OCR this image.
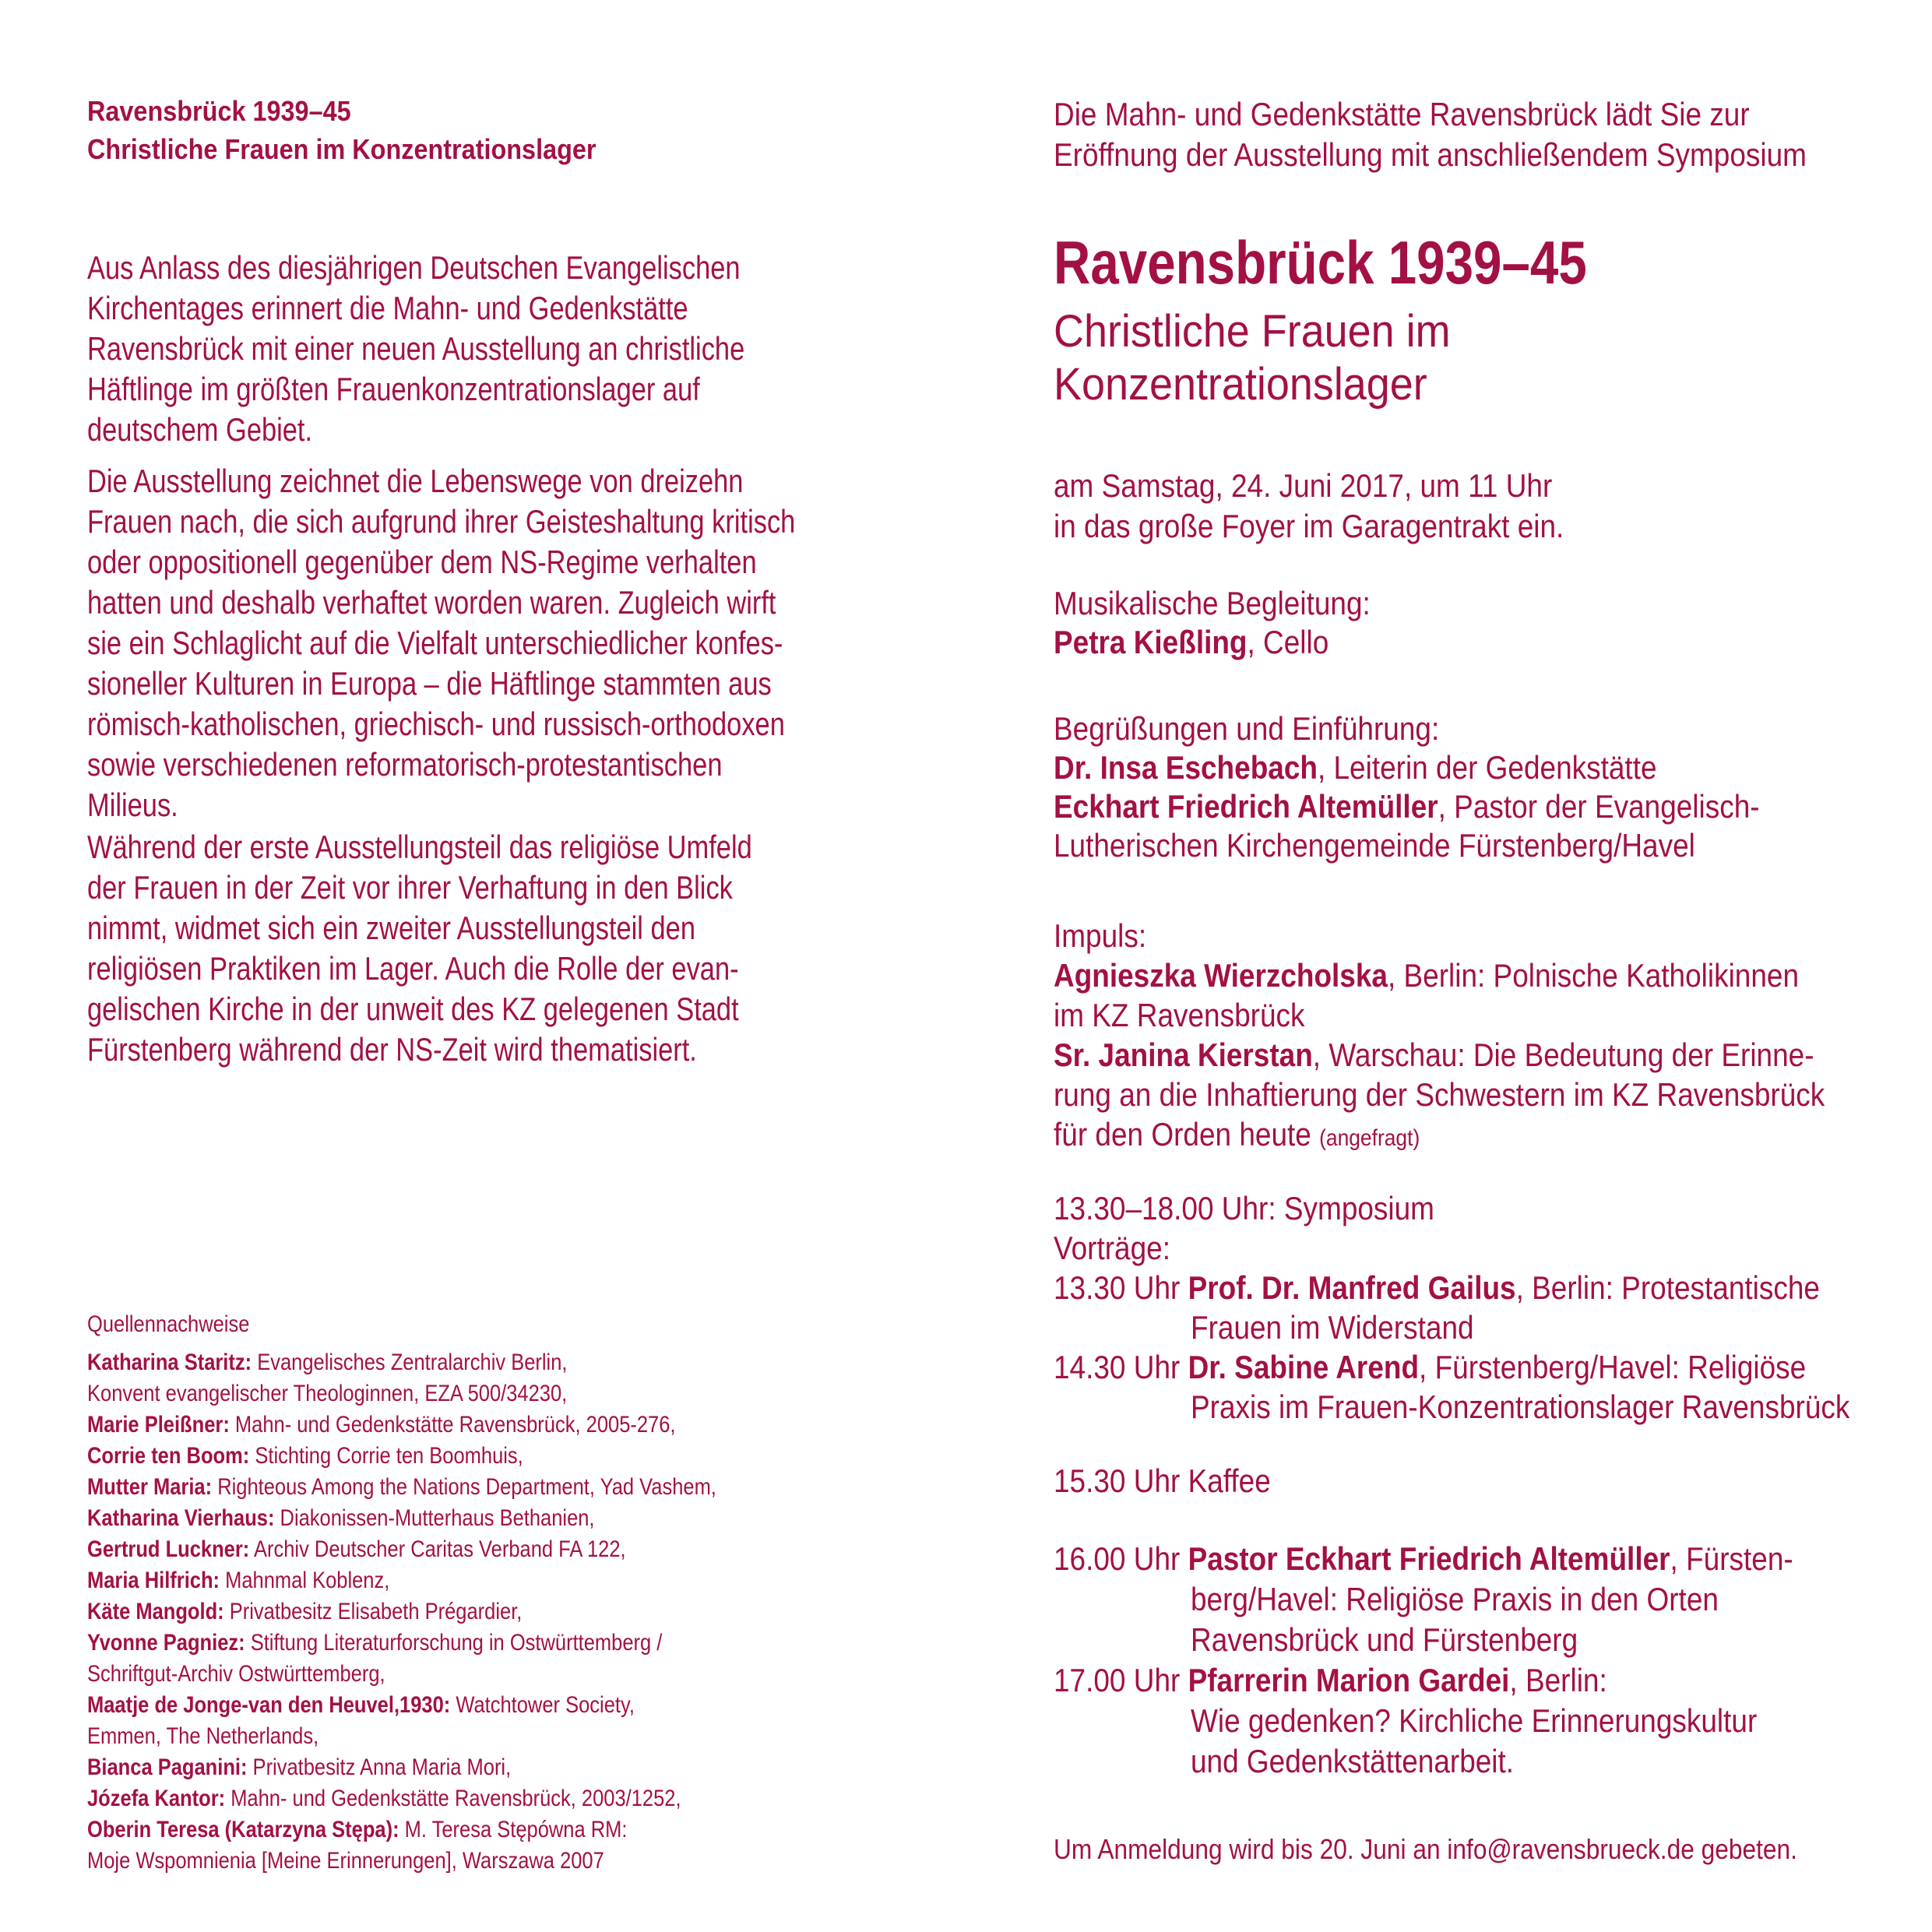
Ravensbrück 1939–45
Christliche Frauen im Konzentrationslager
Aus Anlass des diesjährigen Deutschen Evangelischen
Kirchentages erinnert die Mahn- und Gedenkstätte
Ravensbrück mit einer neuen Ausstellung an christliche
Häftlinge im größten Frauenkonzentrationslager auf
deutschem Gebiet.
Die Ausstellung zeichnet die Lebenswege von dreizehn
Frauen nach, die sich aufgrund ihrer Geisteshaltung kritisch
oder oppositionell gegenüber dem NS-Regime verhalten
hatten und deshalb verhaftet worden waren. Zugleich wirft
sie ein Schlaglicht auf die Vielfalt unterschiedlicher konfes-
sioneller Kulturen in Europa – die Häftlinge stammten aus
römisch-katholischen, griechisch- und russisch-orthodoxen
sowie verschiedenen reformatorisch-protestantischen
Milieus.
Während der erste Ausstellungsteil das religiöse Umfeld
der Frauen in der Zeit vor ihrer Verhaftung in den Blick
nimmt, widmet sich ein zweiter Ausstellungsteil den
religiösen Praktiken im Lager. Auch die Rolle der evan-
gelischen Kirche in der unweit des KZ gelegenen Stadt
Fürstenberg während der NS-Zeit wird thematisiert.
Quellennachweise
Katharina Staritz: Evangelisches Zentralarchiv Berlin,
Konvent evangelischer Theologinnen, EZA 500/34230,
Marie Pleißner: Mahn- und Gedenkstätte Ravensbrück, 2005-276,
Corrie ten Boom: Stichting Corrie ten Boomhuis,
Mutter Maria: Righteous Among the Nations Department, Yad Vashem,
Katharina Vierhaus: Diakonissen-Mutterhaus Bethanien,
Gertrud Luckner: Archiv Deutscher Caritas Verband FA 122,
Maria Hilfrich: Mahnmal Koblenz,
Käte Mangold: Privatbesitz Elisabeth Prégardier,
Yvonne Pagniez: Stiftung Literaturforschung in Ostwürttemberg /
Schriftgut-Archiv Ostwürttemberg,
Maatje de Jonge-van den Heuvel,1930: Watchtower Society,
Emmen, The Netherlands,
Bianca Paganini: Privatbesitz Anna Maria Mori,
Józefa Kantor: Mahn- und Gedenkstätte Ravensbrück, 2003/1252,
Oberin Teresa (Katarzyna Stępa): M. Teresa Stępówna RM:
Moje Wspomnienia [Meine Erinnerungen], Warszawa 2007
Die Mahn- und Gedenkstätte Ravensbrück lädt Sie zur
Eröffnung der Ausstellung mit anschließendem Symposium
Ravensbrück 1939–45
Christliche Frauen im
Konzentrationslager
am Samstag, 24. Juni 2017, um 11 Uhr
in das große Foyer im Garagentrakt ein.
Musikalische Begleitung:
Petra Kießling, Cello
Begrüßungen und Einführung:
Dr. Insa Eschebach, Leiterin der Gedenkstätte
Eckhart Friedrich Altemüller, Pastor der Evangelisch-
Lutherischen Kirchengemeinde Fürstenberg/Havel
Impuls:
Agnieszka Wierzcholska, Berlin: Polnische Katholikinnen
im KZ Ravensbrück
Sr. Janina Kierstan, Warschau: Die Bedeutung der Erinne-
rung an die Inhaftierung der Schwestern im KZ Ravensbrück
für den Orden heute (angefragt)
13.30–18.00 Uhr: Symposium
Vorträge:
13.30 Uhr Prof. Dr. Manfred Gailus, Berlin: Protestantische
Frauen im Widerstand
14.30 Uhr Dr. Sabine Arend, Fürstenberg/Havel: Religiöse
Praxis im Frauen-Konzentrationslager Ravensbrück
15.30 Uhr Kaffee
16.00 Uhr Pastor Eckhart Friedrich Altemüller, Fürsten-
berg/Havel: Religiöse Praxis in den Orten
Ravensbrück und Fürstenberg
17.00 Uhr Pfarrerin Marion Gardei, Berlin:
Wie gedenken? Kirchliche Erinnerungskultur
und Gedenkstättenarbeit.
Um Anmeldung wird bis 20. Juni an info@ravensbrueck.de gebeten.
